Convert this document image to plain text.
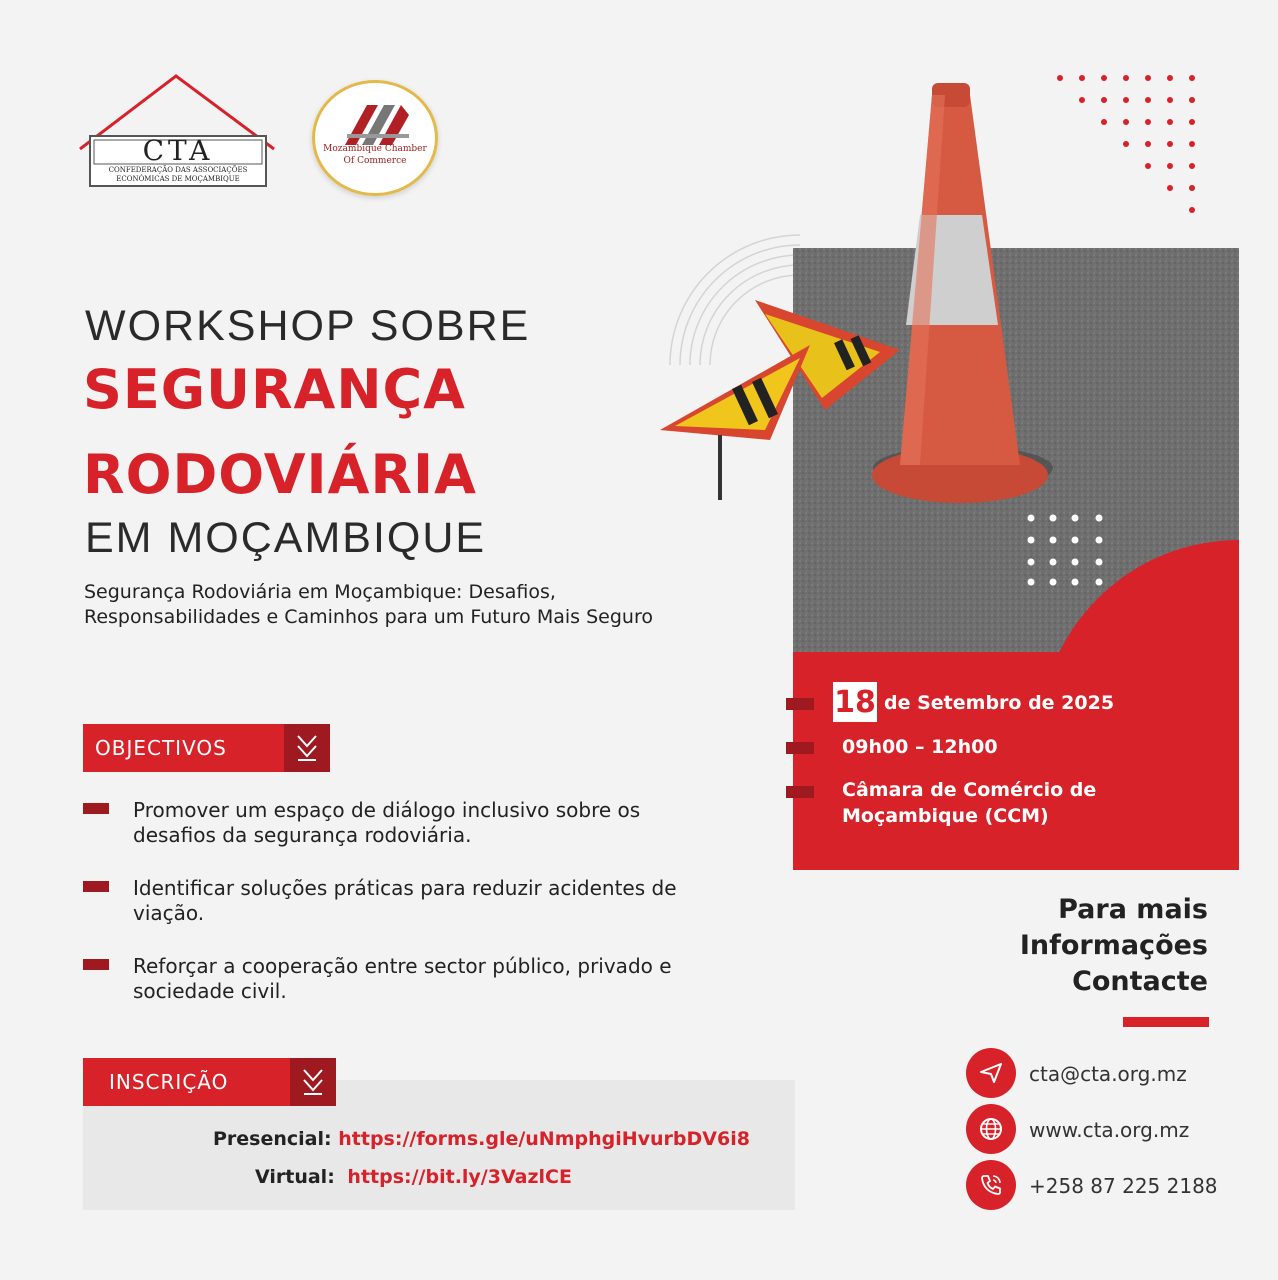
CTA
CONFEDERAÇÃO DAS ASSOCIAÇÕES
ECONÓMICAS DE MOÇAMBIQUE
Mozambique Chamber
Of Commerce
18 de Setembro de 2025
09h00 – 12h00
Câmara de Comércio de
Moçambique (CCM)
WORKSHOP SOBRE
SEGURANÇA
RODOVIÁRIA
EM MOÇAMBIQUE
Segurança Rodoviária em Moçambique: Desafios, Responsabilidades e Caminhos para um Futuro Mais Seguro
OBJECTIVOS
Promover um espaço de diálogo inclusivo sobre os desafios da segurança rodoviária.
Identificar soluções práticas para reduzir acidentes de viação.
Reforçar a cooperação entre sector público, privado e sociedade civil.
INSCRIÇÃO
Presencial: https://forms.gle/uNmphgiHvurbDV6i8
Virtual: https://bit.ly/3VazlCE
Para mais
Informações
Contacte
cta@cta.org.mz
www.cta.org.mz
+258 87 225 2188
